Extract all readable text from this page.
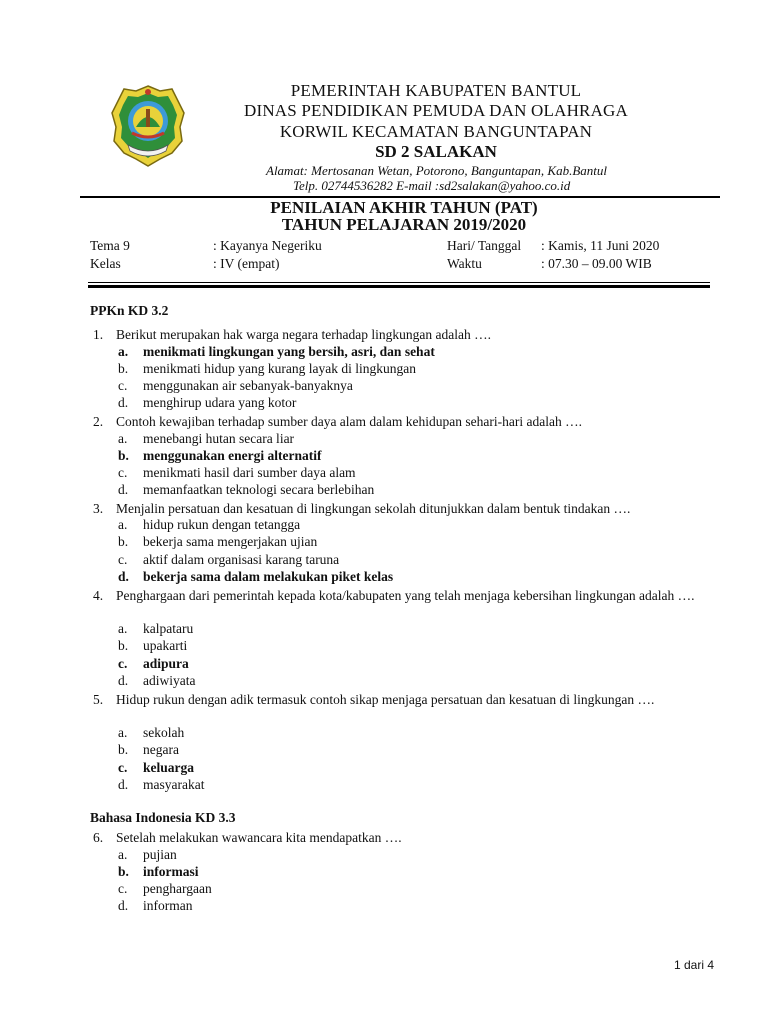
PEMERINTAH KABUPATEN BANTUL
DINAS PENDIDIKAN PEMUDA DAN OLAHRAGA
KORWIL KECAMATAN BANGUNTAPAN
SD 2 SALAKAN
Alamat: Mertosanan Wetan, Potorono, Banguntapan, Kab.Bantul
Telp. 02744536282 E-mail :sd2salakan@yahoo.co.id
PENILAIAN AKHIR TAHUN (PAT)
TAHUN PELAJARAN 2019/2020
Tema 9	: Kayanya Negeriku	Hari/ Tanggal : Kamis, 11 Juni 2020
Kelas	: IV (empat)	Waktu	: 07.30 – 09.00 WIB
PPKn KD 3.2
1. Berikut merupakan hak warga negara terhadap lingkungan adalah ….
a. menikmati lingkungan yang bersih, asri, dan sehat
b. menikmati hidup yang kurang layak di lingkungan
c. menggunakan air sebanyak-banyaknya
d. menghirup udara yang kotor
2. Contoh kewajiban terhadap sumber daya alam dalam kehidupan sehari-hari adalah ….
a. menebangi hutan secara liar
b. menggunakan energi alternatif
c. menikmati hasil dari sumber daya alam
d. memanfaatkan teknologi secara berlebihan
3. Menjalin persatuan dan kesatuan di lingkungan sekolah ditunjukkan dalam bentuk tindakan ….
a. hidup rukun dengan tetangga
b. bekerja sama mengerjakan ujian
c. aktif dalam organisasi karang taruna
d. bekerja sama dalam melakukan piket kelas
4. Penghargaan dari pemerintah kepada kota/kabupaten yang telah menjaga kebersihan lingkungan adalah ….
a. kalpataru
b. upakarti
c. adipura
d. adiwiyata
5. Hidup rukun dengan adik termasuk contoh sikap menjaga persatuan dan kesatuan di lingkungan ….
a. sekolah
b. negara
c. keluarga
d. masyarakat
Bahasa Indonesia KD 3.3
6. Setelah melakukan wawancara kita mendapatkan ….
a. pujian
b. informasi
c. penghargaan
d. informan
1 dari 4
